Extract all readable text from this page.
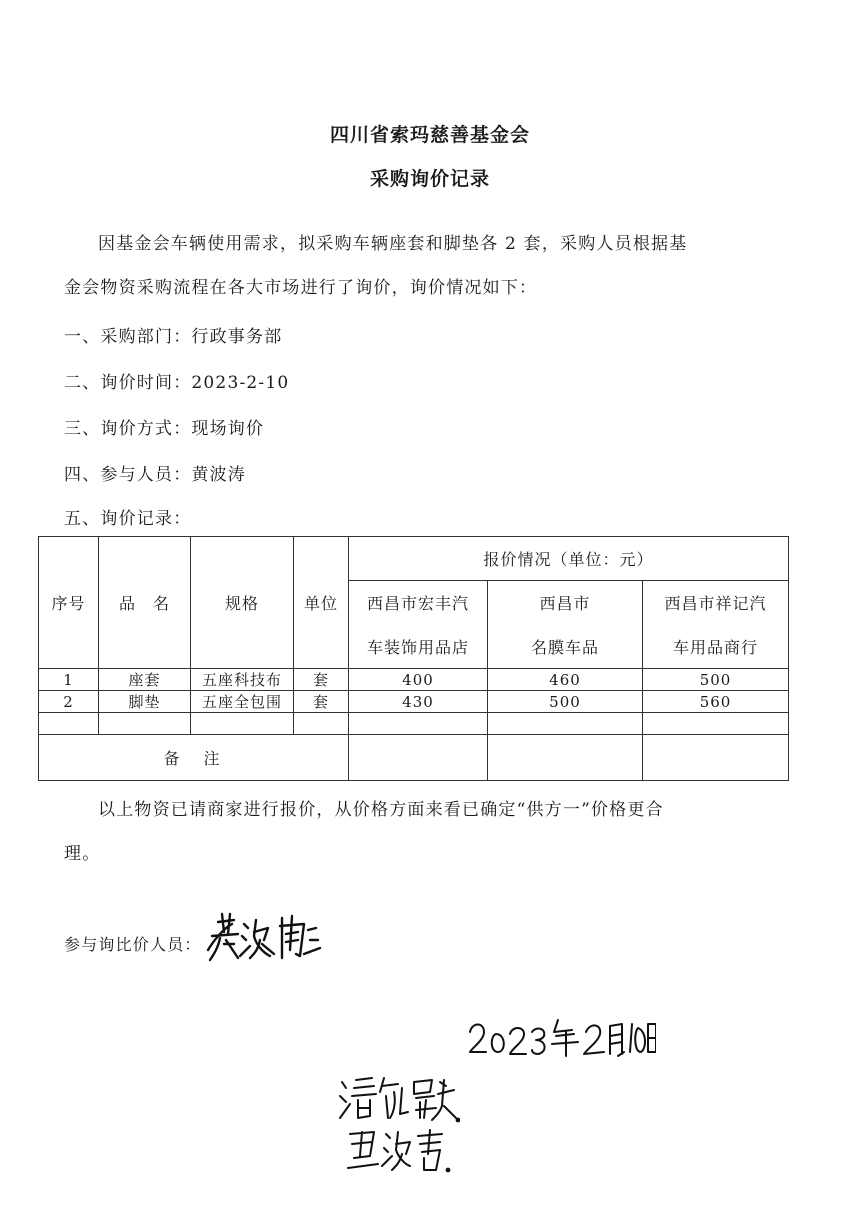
四川省索玛慈善基金会
采购询价记录
因基金会车辆使用需求，拟采购车辆座套和脚垫各 2 套，采购人员根据基
金会物资采购流程在各大市场进行了询价，询价情况如下：
一、采购部门：行政事务部
二、询价时间：2023-2-10
三、询价方式：现场询价
四、参与人员：黄波涛
五、询价记录：
序号	品　名	规格	单位	报价情况（单位：元）		
				西昌市宏丰汽	西昌市	西昌市祥记汽
				车装饰用品店	名膜车品	车用品商行
1	座套	五座科技布	套	400	460	500
2	脚垫	五座全包围	套	430	500	560

备　注						
以上物资已请商家进行报价，从价格方面来看已确定“供方一”价格更合
理。
参与询比价人员：
